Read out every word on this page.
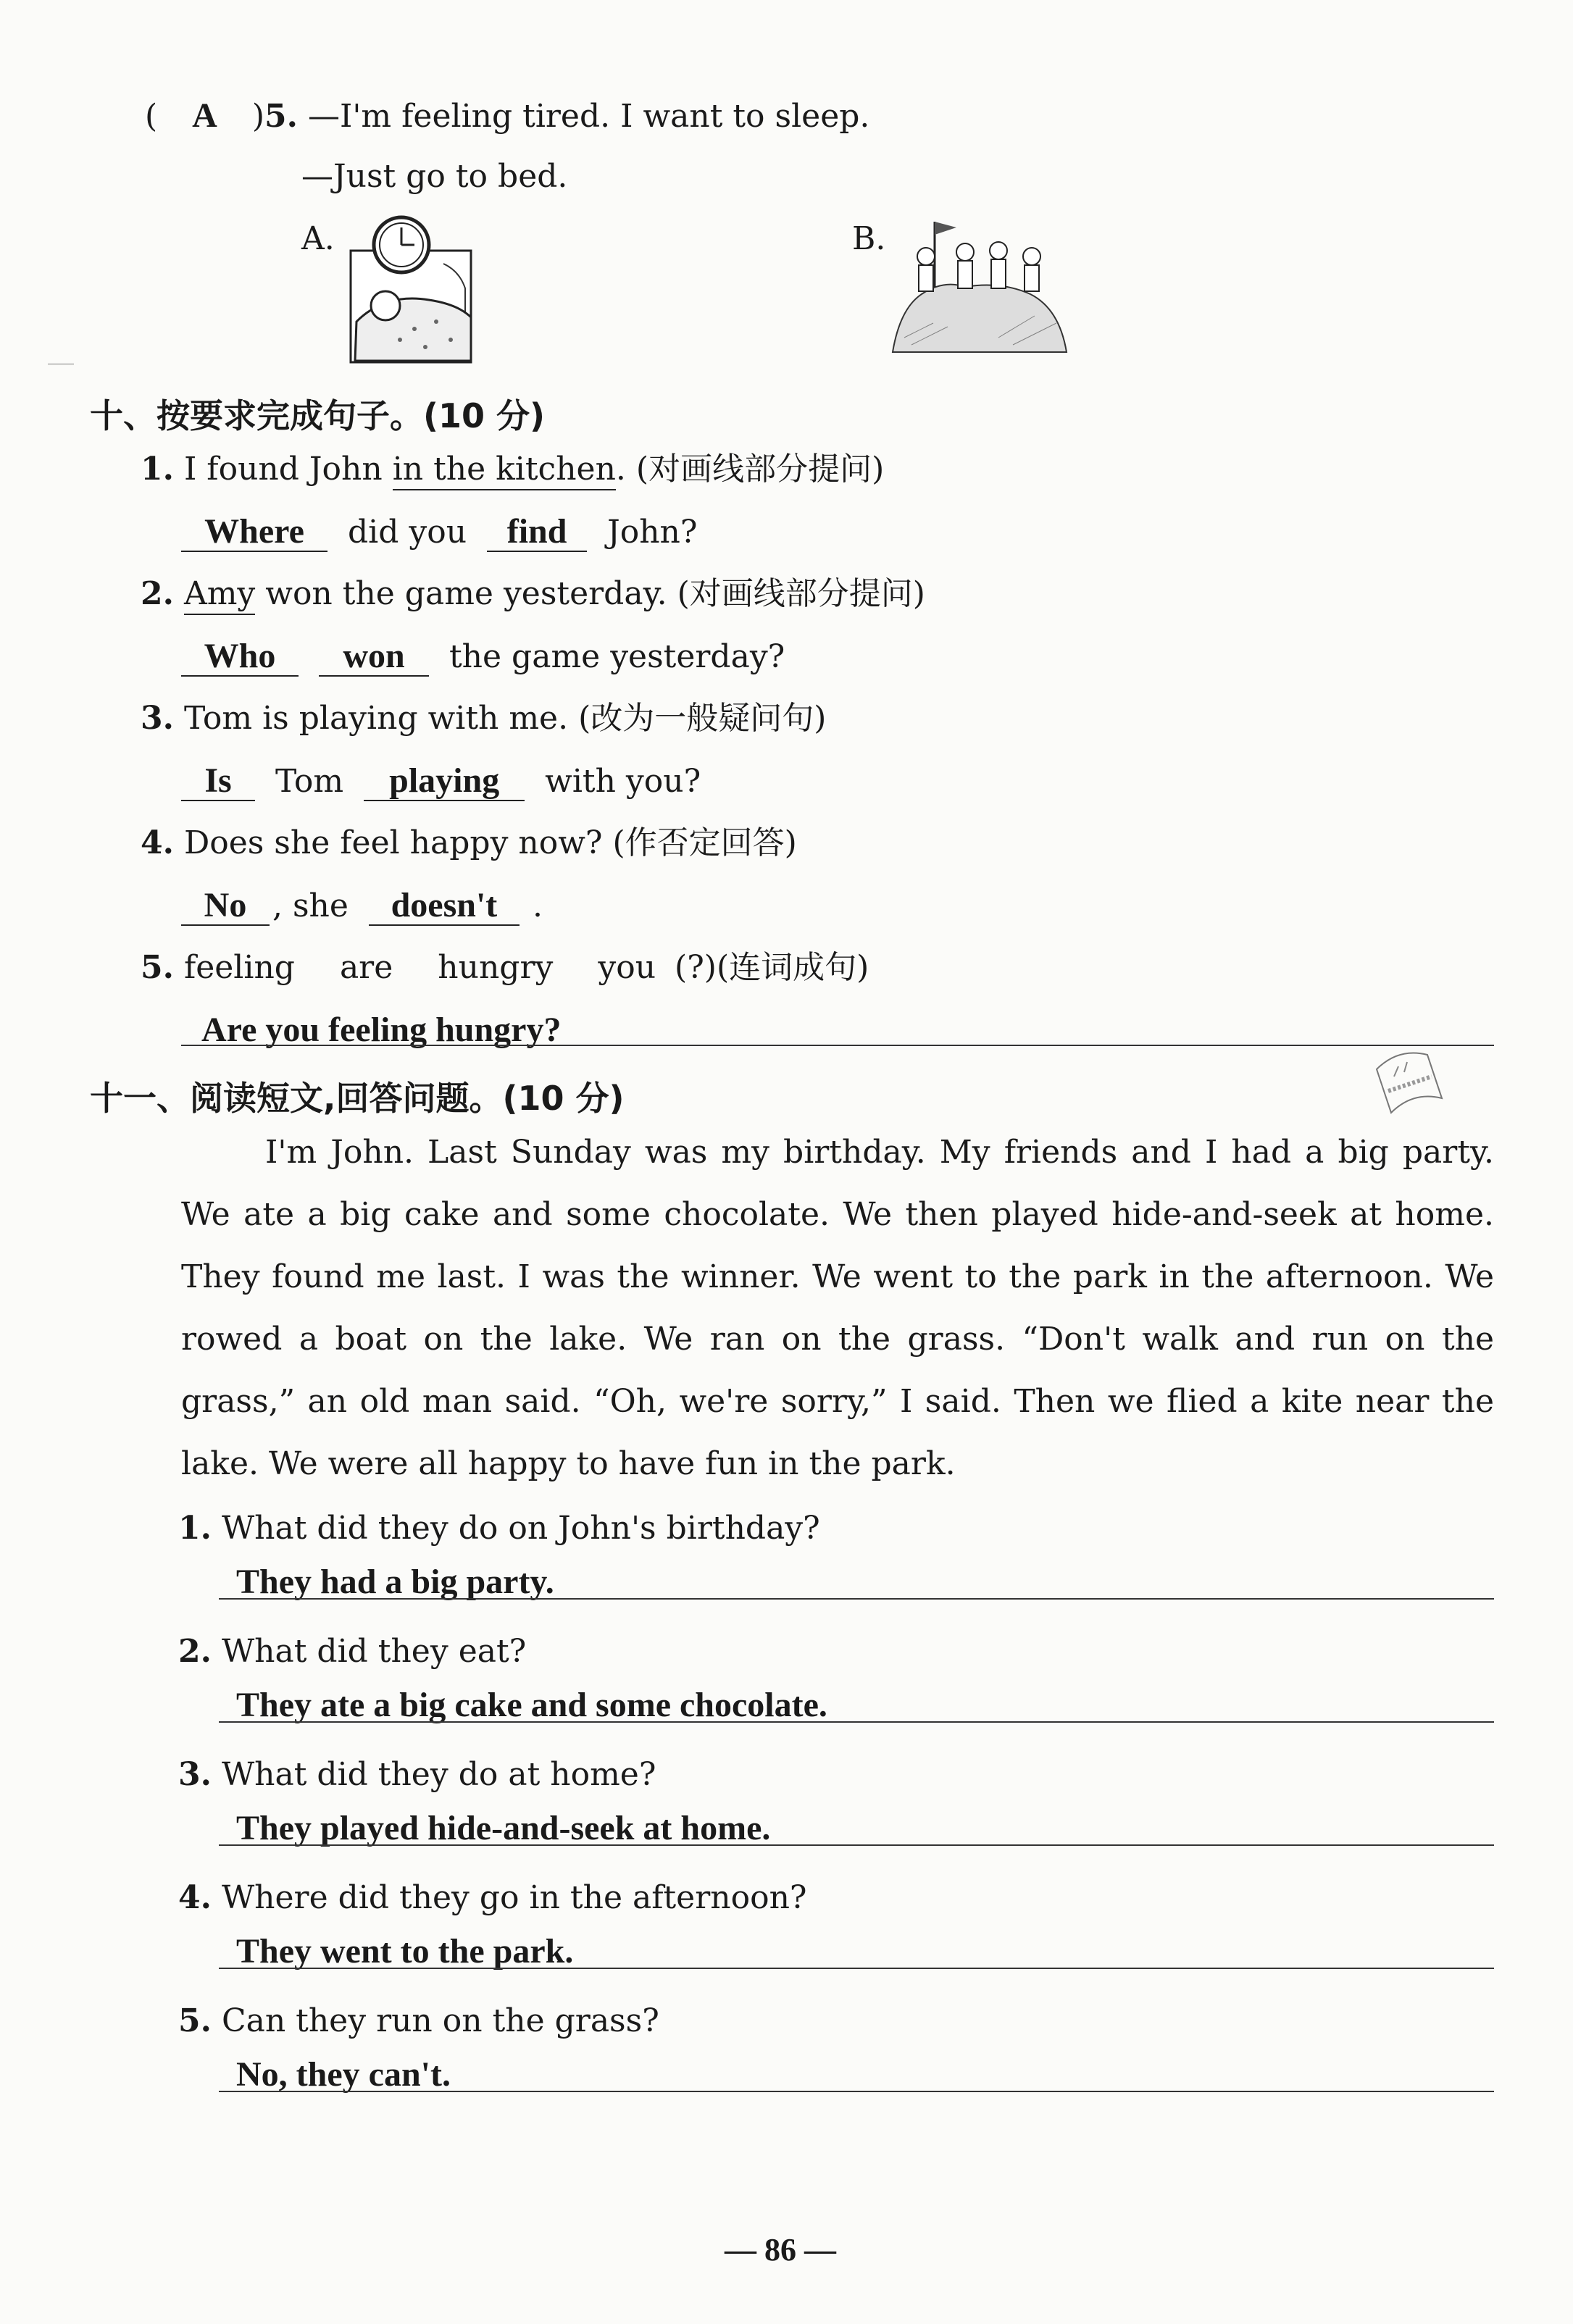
( A )5. —I'm feeling tired. I want to sleep.
—Just go to bed.
A.	B.
十、按要求完成句子。(10 分)
1. I found John in the kitchen. (对画线部分提问)
Where did you find John?
2. Amy won the game yesterday. (对画线部分提问)
Who won the game yesterday?
3. Tom is playing with me. (改为一般疑问句)
Is Tom playing with you?
4. Does she feel happy now? (作否定回答)
No , she doesn't .
5. feeling are hungry you (?)(连词成句)
Are you feeling hungry?
十一、阅读短文,回答问题。(10 分)

I'm John. Last Sunday was my birthday. My friends and I had a big party. We ate a big cake and some chocolate. We then played hide-and-seek at home. They found me last. I was the winner. We went to the park in the afternoon. We rowed a boat on the lake. We ran on the grass. “Don't walk and run on the grass,” an old man said. “Oh, we're sorry,” I said. Then we flied a kite near the lake. We were all happy to have fun in the park.

1. What did they do on John's birthday?
They had a big party.
2. What did they eat?
They ate a big cake and some chocolate.
3. What did they do at home?
They played hide-and-seek at home.
4. Where did they go in the afternoon?
They went to the park.
5. Can they run on the grass?
No, they can't.
— 86 —
